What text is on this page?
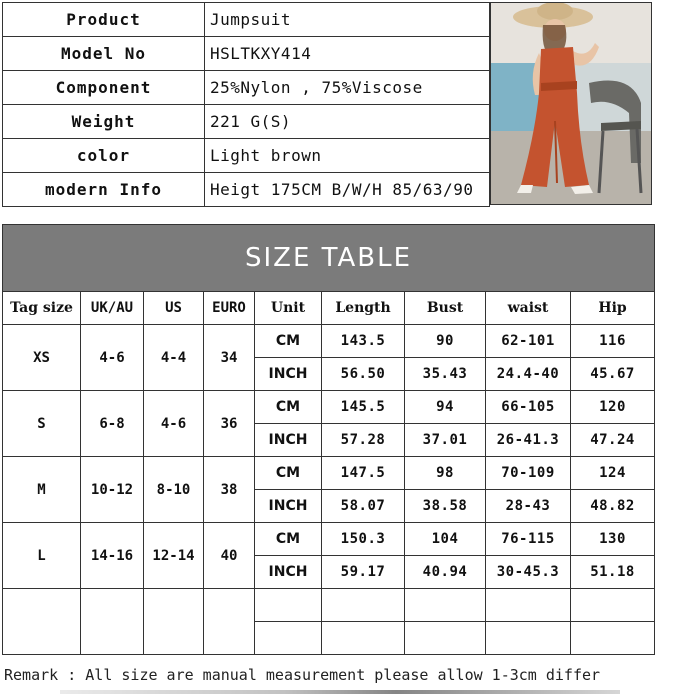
Product	Jumpsuit
Model No	HSLTKXY414
Component	25%Nylon , 75%Viscose
Weight	221 G(S)
color	Light brown
modern Info	Heigt 175CM B/W/H 85/63/90
SIZE TABLE								
Tag size	UK/AU	US	EURO	Unit	Length	Bust	waist	Hip
XS	4-6	4-4	34	CM	143.5	90	62-101	116
				INCH	56.50	35.43	24.4-40	45.67
S	6-8	4-6	36	CM	145.5	94	66-105	120
				INCH	57.28	37.01	26-41.3	47.24
M	10-12	8-10	38	CM	147.5	98	70-109	124
				INCH	58.07	38.58	28-43	48.82
L	14-16	12-14	40	CM	150.3	104	76-115	130
				INCH	59.17	40.94	30-45.3	51.18

Remark : All size are manual measurement please allow 1-3cm differ
